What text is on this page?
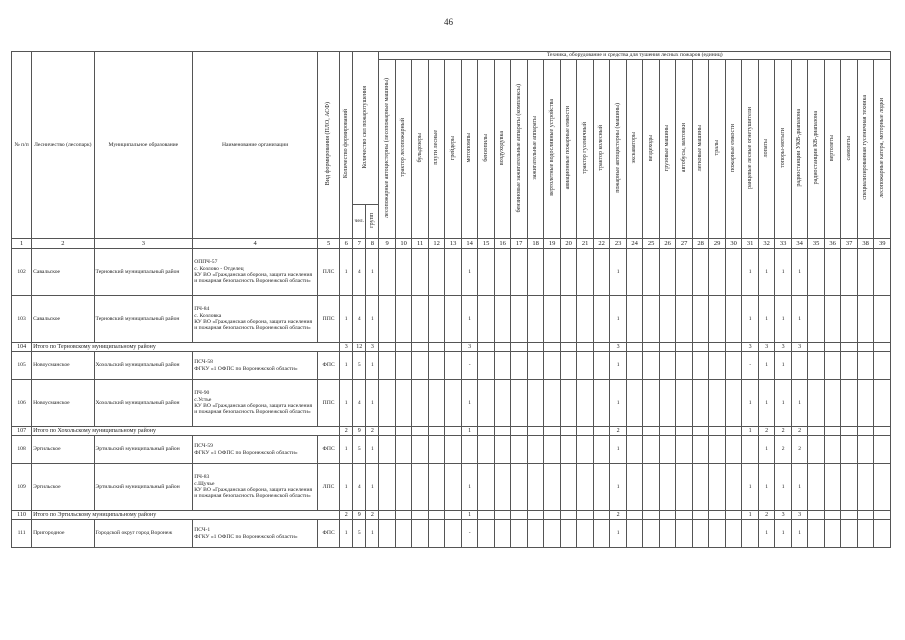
46
№ п/п	Лесничество (лесопарк)	Муниципальное образование	Наименование организации	Вид формирования (ПЛО, АСФ)	Количество формирований	Количество сил пожаротушения		Техника, оборудование и средства для тушения лесных пожаров (единиц)																														
								лесопожарные автоцистерны (лесопожарные машины)	трактор лесопожарный	бульдозеры	плуги лесные	грейдеры	мотопомпы	бензопилы	воздуходувка	бензиновые зажигательные аппараты (комплексы)	зажигательные аппараты	вертолетные водосливные устройства	авиационные пожарные емкости	трактор гусеничный	трактор колесный	пожарные автоцистерны (машины)	экскаваторы	вездеходы	грузовые машины	автобусы, вахтовки	легковые машины	тралы	пожарные емкости	ранцевые лесные огнетушители	лопаты	топоры-мотыги	радиостанции УКВ-диапазона	радиостанции КВ-диапазона	вертолеты	самолеты	специализированная гусеничная техника	лесопожарные катера, моторные лодки
						чел.	групп																															
1	2	3	4	5	6	7	8	9	10	11	12	13	14	15	16	17	18	19	20	21	22	23	24	25	26	27	28	29	30	31	32	33	34	35	36	37	38	39
102	Савальское	Терновский муниципальный район	ОППЧ-57
с. Козлово - Отделец
КУ ВО «Гражданская оборона, защита населения и пожарная безопасность Воронежской области»	ПЛС	1	4	1						1									1								1	1	1	1					
103	Савальское	Терновский муниципальный район	ПЧ-84
с. Козловка
КУ ВО «Гражданская оборона, защита населения и пожарная безопасность Воронежской области»	ППС	1	4	1						1									1								1	1	1	1					
104	Итого по Терновскому муниципальному району				3	12	3						3									3								3	3	3	3					
105	Новоусманское	Хохольский муниципальный район	ПСЧ-58
ФГКУ «1 ОФПС по Воронежской области»	ФПС	1	5	1						-									1								-	1	1						
106	Новоусманское	Хохольский муниципальный район	ПЧ-90
с.Устье
КУ ВО «Гражданская оборона, защита населения и пожарная безопасность Воронежской области»	ППС	1	4	1						1									1								1	1	1	1					
107	Итого по Хохольскому муниципальному району				2	9	2						1									2								1	2	2	2					
108	Эртильское	Эртильский муниципальный район	ПСЧ-59
ФГКУ «1 ОФПС по Воронежской области»	ФПС	1	5	1															1									1	2	2					
109	Эртильское	Эртильский муниципальный район	ПЧ-83
с.Щучье
КУ ВО «Гражданская оборона, защита населения и пожарная безопасность Воронежской области»	ЛПС	1	4	1						1									1								1	1	1	1					
110	Итого по Эртильскому муниципальному району				2	9	2						1									2								1	2	3	3					
111	Пригородное	Городской округ город Воронеж	ПСЧ-1
ФГКУ «1 ОФПС по Воронежской области»	ФПС	1	5	1						-									1									1	1	1					
